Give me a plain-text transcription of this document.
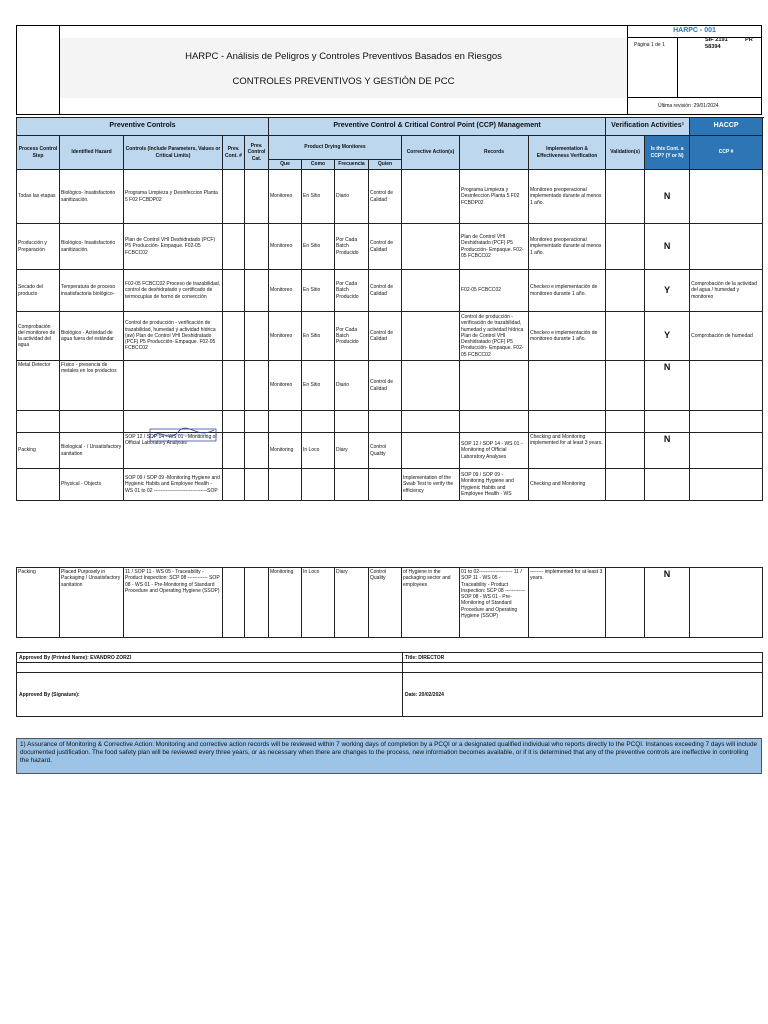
HARPC - Análisis de Peligros y Controles Preventivos Basados en Riesgos
CONTROLES PREVENTIVOS Y GESTIÓN DE PCC
HARPC - 001
Página 1 de 1
SIF 2191	PR
58394
Última revisión :29/01/2024
Preventive Controls					Preventive Control & Critical Control Point (CCP) Management							Verification Activities¹		HACCP
Process Control Step	Identified Hazard	Controls (Include Parameters, Values or Critical Limits)	Prev. Cont. #	Prev. Control Cat.	Product Drying Monitores				Corrective Action(s)	Records	Implementation & Effectiveness Verification	Validation(s)	Is this Cont. a CCP? (Y or N)	CCP #
					Que	Como	Frecuencia	Quien						
Todas las etapas	Biológico- Insatisfactorio sanitización.	Programa Limpieza y Desinfeccion Planta 5 F02 FCBDP02			Monitoreo	En Sitio	Diario	Control de Calidad		Programa Limpieza y Desinfeccion Planta 5 F02 FCBDP02	Monitoreo preoperacional implementado durante al menos 1 año.		N	
Producción y Preparación	Biológico- Insatisfactorio sanitización.	Plan de Control VHI Deshidratado (PCF) P5 Producción- Empaque. F02-05 FCBCC02			Monitoreo	En Sitio	Por Cada Batch Producido	Control de Calidad		Plan de Control VHI Deshidratado (PCF) P5 Producción- Empaque. F02-05 FCBCC02	Monitoreo preoperacional implementado durante al menos 1 año.		N	
Secado del producto	Temperatura de proceso insatisfactoria biológico-	F02-05 FCBCC02 Proceso de trazabilidad, control de deshidratado y certificado de termocuplas de horno de convección			Monitoreo	En Sitio	Por Cada Batch Producido	Control de Calidad		F02-05 FCBCC02	Checkeo e implementación de monitoreo durante 1 año.		Y	Comprobación de la actividad del agua / humedad y monitoreo
Comprobación del monitoreo de la actividad del agua	Biológico - Actividad de agua fuera del estándar	Control de producción - verificación de trazabilidad, humedad y actividad hídrica (aw) Plan de Control VHI Deshidratado (PCF) P5 Producción- Empaque. F02-05 FCBCC02			Monitoreo	En Sitio	Por Cada Batch Producido	Control de Calidad		Control de producción - verificación de trazabilidad, humedad y actividad hídrica Plan de Control VHI Deshidratado (PCF) P5 Producción- Empaque. F02-05 FCBCC02	Checkeo e implementación de monitoreo durante 1 año.		Y	Comprobación de humedad
Metal Detector	Físico - presencia de metales en los productos				Monitoreo	En Sitio	Diario	Control de Calidad					N	

Packing	Biological - / Unsatisfactory sanitation	SOP 12 / SOP 14 - WS 01 - Monitoring of Official Laboratory Analyses			Monitoring	In Loco	Diary	Control Quality		SOP 12 / SOP 14 - WS 01 - Monitoring of Official Laboratory Analyses	Checking and Monitoring implemented for at least 3 years.		N	
	Physical - Objects	SOP 09 / SOP 09 -Monitoring Hygiene and Hygienic Habits and Employee Health - WS 01 to 02 --------------------------------SOP							Implementation of the Swab Test to verify the efficiency	SOP 09 / SOP 09 - Monitoring Hygiene and Hygienic Habits and Employee Health - WS	Checking and Monitoring			
Packing	Placed Purposely in Packaging / Unsatisfactory sanitation	11 / SOP 11 - WS 05 - Traceability - Product Inspection: SCP 08 ------------ SOP 08 - WS 01 - Pre-Monitoring of Standard Procedure and Operating Hygiene (SSOP)			Monitoring	In Loco	Diary	Control Quality	of Hygiene in the packaging sector and employees	01 to 02-------------------- 11 / SOP 11 - WS 05 - Traceability - Product Inspection: SCP 08 ------------ SOP 08 - WS 01 - Pre-Monitoring of Standard Procedure and Operating Hygiene (SSOP)	-------- implemented for at least 3 years.		N	
Approved By (Printed Name): EVANDRO ZORZI	Title: DIRECTOR

Approved By (Signature):	Date: 20/02/2024
1) Assurance of Monitoring & Corrective Action: Monitoring and corrective action records will be reviewed within 7 working days of completion by a PCQI or a designated qualified individual who reports directly to the PCQI. Instances exceeding 7 days will include documented justification. The food safety plan will be reviewed every three years, or as necessary when there are changes to the process, new information becomes available, or if it is determined that any of the preventive controls are ineffective in controlling the hazard.
